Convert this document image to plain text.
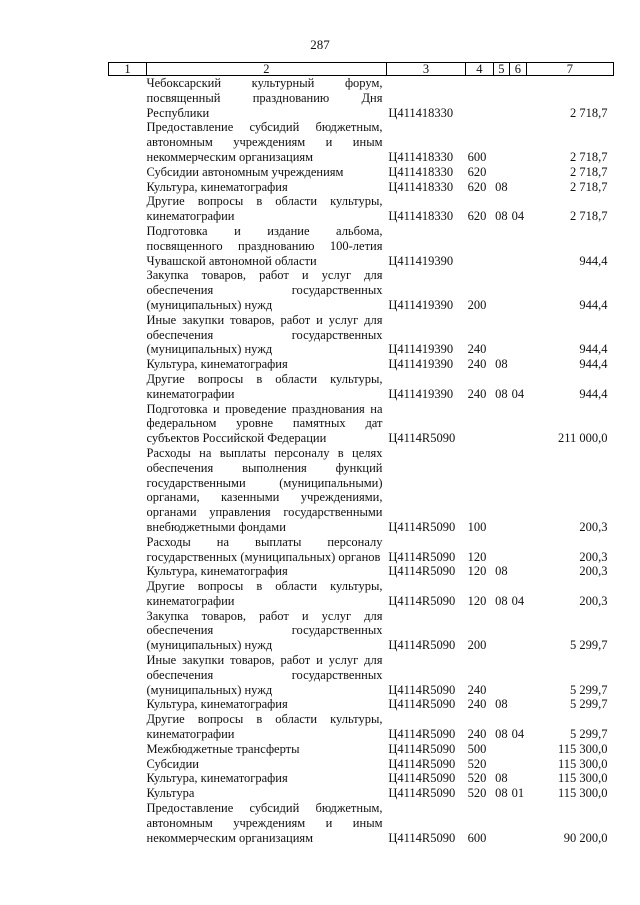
287
1	2	3	4	5	6	7

Чебоксарский культурный форум, посвященный празднованию Дня Республики		Ц411418330				2 718,7

Предоставление субсидий бюджетным, автономным учреждениям и иным некоммерческим организациям		Ц411418330	600			2 718,7

Субсидии автономным учреждениям		Ц411418330	620			2 718,7

Культура, кинематография		Ц411418330	620	08		2 718,7

Другие вопросы в области культуры, кинематографии		Ц411418330	620	08	04	2 718,7

Подготовка и издание альбома, посвященного празднованию 100-летия Чувашской автономной области		Ц411419390				944,4

Закупка товаров, работ и услуг для обеспечения государственных (муниципальных) нужд		Ц411419390	200			944,4

Иные закупки товаров, работ и услуг для обеспечения государственных (муниципальных) нужд		Ц411419390	240			944,4

Культура, кинематография		Ц411419390	240	08		944,4

Другие вопросы в области культуры, кинематографии		Ц411419390	240	08	04	944,4

Подготовка и проведение празднования на федеральном уровне памятных дат субъектов Российской Федерации		Ц4114R5090				211 000,0

Расходы на выплаты персоналу в целях обеспечения выполнения функций государственными (муниципальными) органами, казенными учреждениями, органами управления государственными внебюджетными фондами		Ц4114R5090	100			200,3

Расходы на выплаты персоналу государственных (муниципальных) органов		Ц4114R5090	120			200,3

Культура, кинематография		Ц4114R5090	120	08		200,3

Другие вопросы в области культуры, кинематографии		Ц4114R5090	120	08	04	200,3

Закупка товаров, работ и услуг для обеспечения государственных (муниципальных) нужд		Ц4114R5090	200			5 299,7

Иные закупки товаров, работ и услуг для обеспечения государственных (муниципальных) нужд		Ц4114R5090	240			5 299,7

Культура, кинематография		Ц4114R5090	240	08		5 299,7

Другие вопросы в области культуры, кинематографии		Ц4114R5090	240	08	04	5 299,7

Межбюджетные трансферты		Ц4114R5090	500			115 300,0

Субсидии		Ц4114R5090	520			115 300,0

Культура, кинематография		Ц4114R5090	520	08		115 300,0

Культура		Ц4114R5090	520	08	01	115 300,0

Предоставление субсидий бюджетным, автономным учреждениям и иным некоммерческим организациям		Ц4114R5090	600			90 200,0
